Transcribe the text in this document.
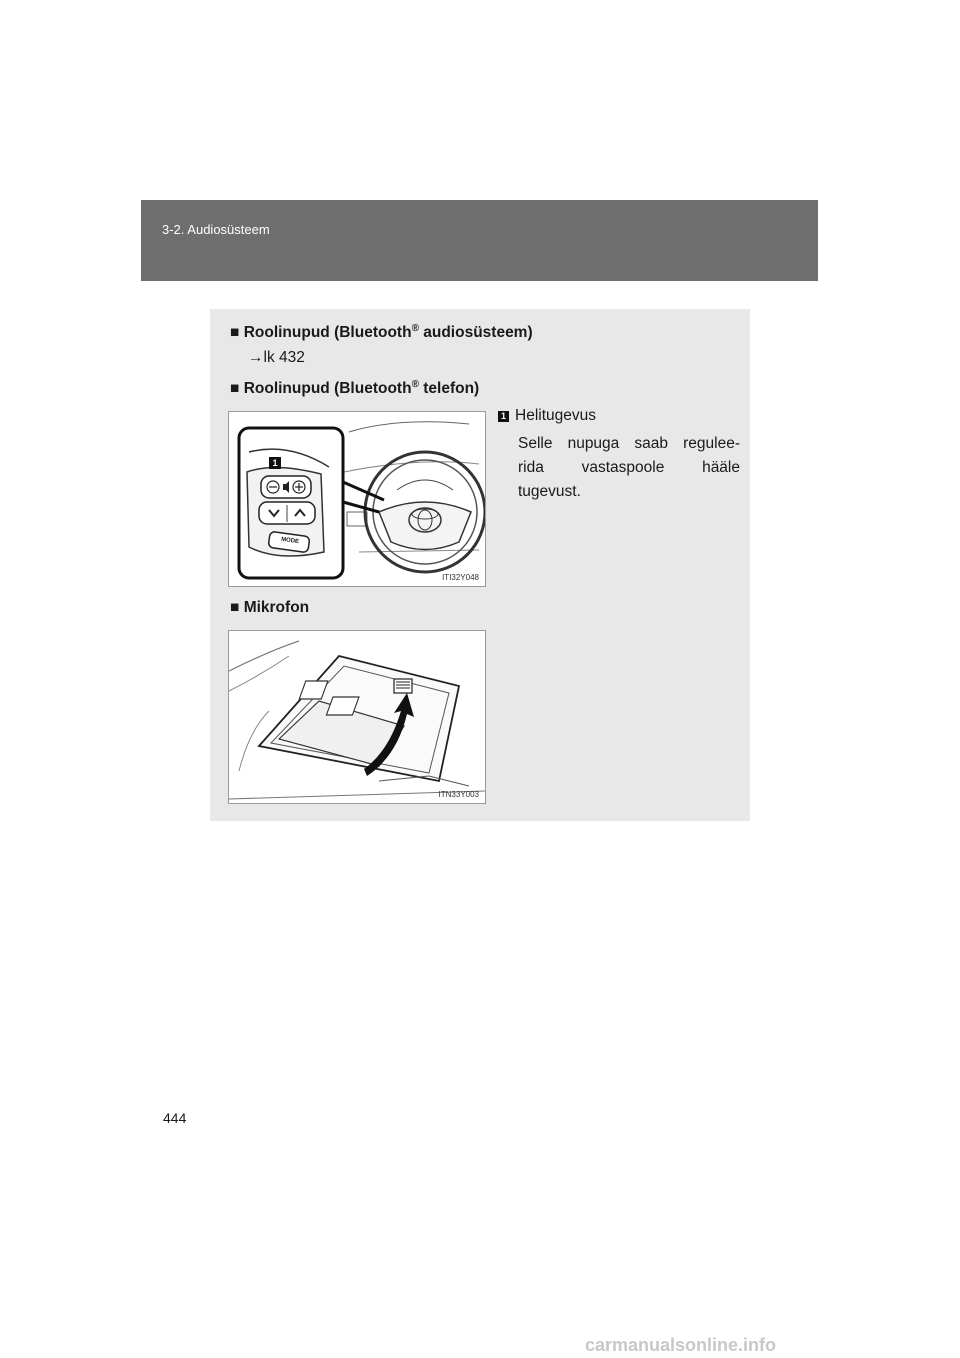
3-2. Audiosüsteem
■ Roolinupud (Bluetooth® audiosüsteem)
→lk 432
■ Roolinupud (Bluetooth® telefon)
1
MODE
ITI32Y048
1 Helitugevus
Selle nupuga saab regulee-
rida vastaspoole hääle
tugevust.
■ Mikrofon
ITN33Y003
444
carmanualsonline.info
